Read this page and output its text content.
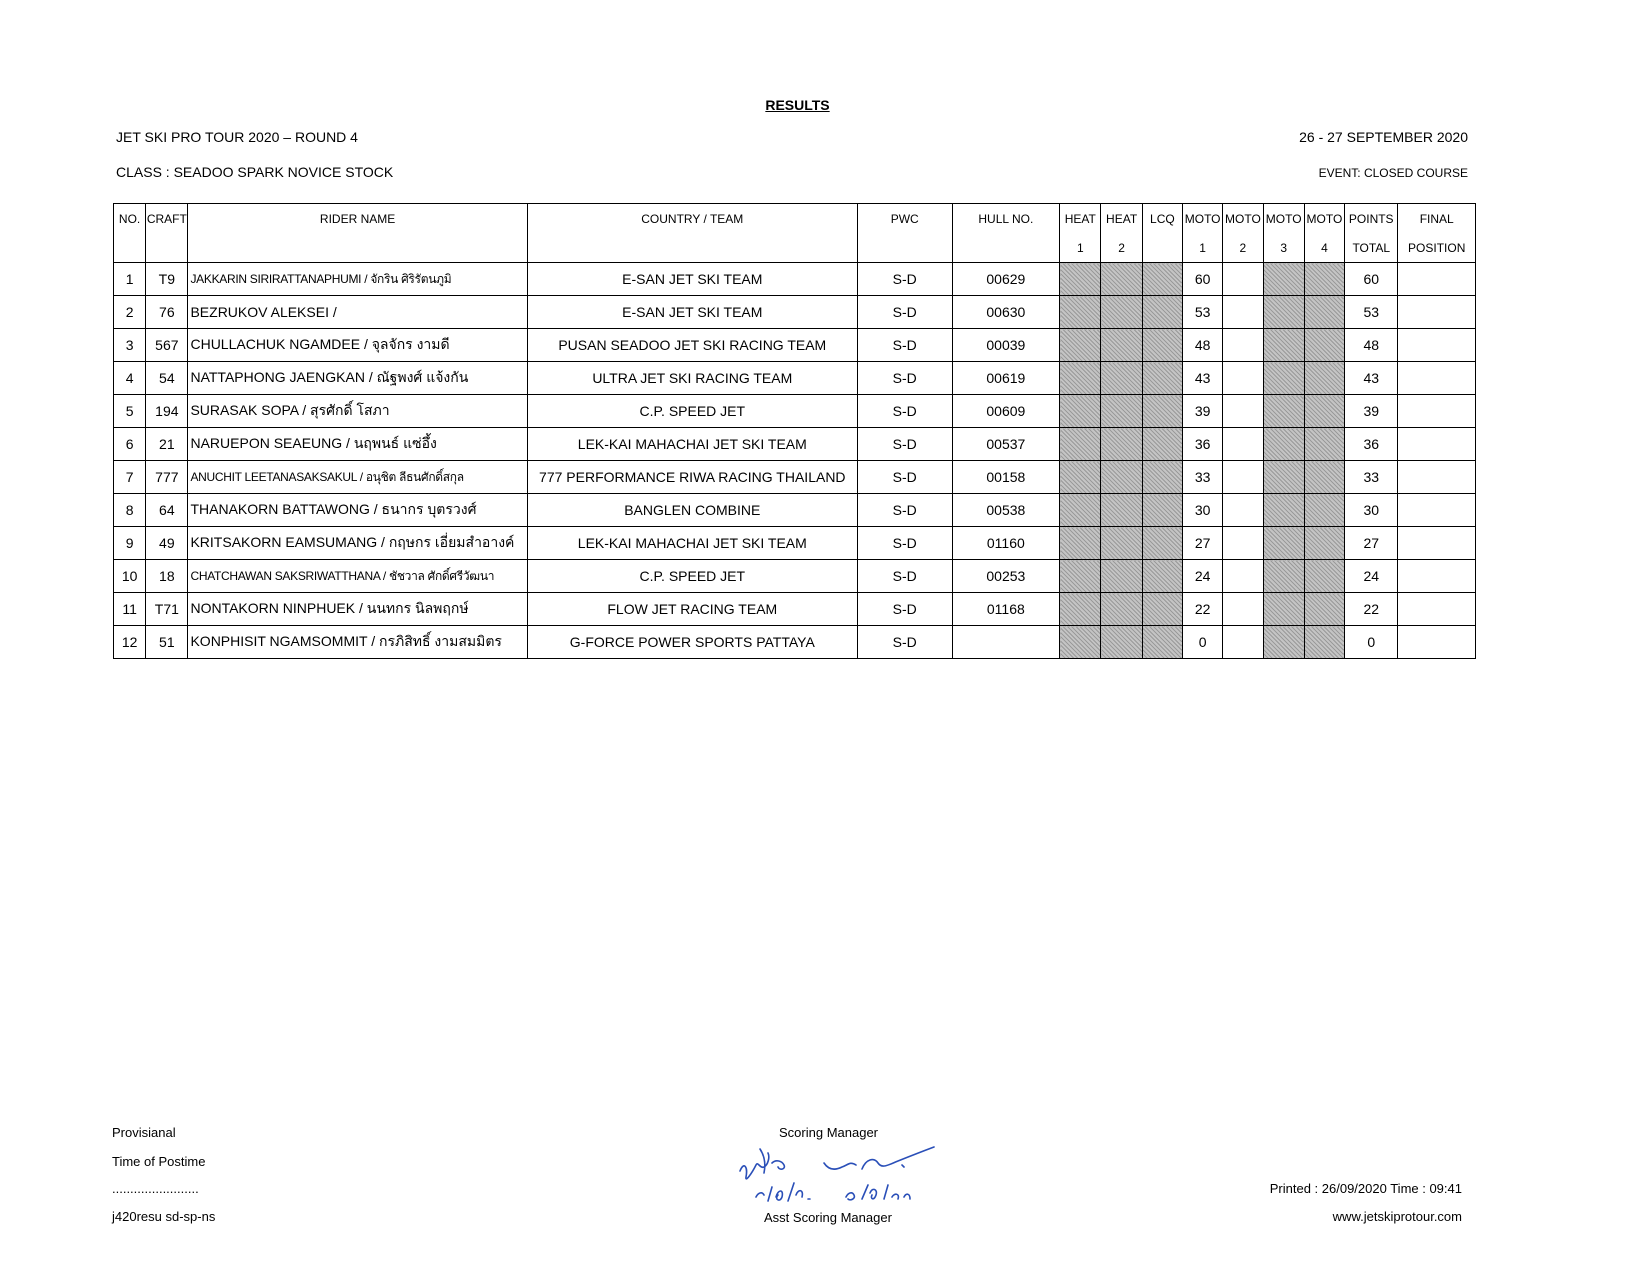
RESULTS
JET SKI PRO TOUR 2020 – ROUND 4	26 - 27 SEPTEMBER 2020
CLASS : SEADOO SPARK NOVICE STOCK	EVENT: CLOSED COURSE
NO.	CRAFT	RIDER NAME	COUNTRY / TEAM	PWC	HULL NO.	HEAT	HEAT	LCQ	MOTO	MOTO	MOTO	MOTO	POINTS	FINAL
						1	2		1	2	3	4	TOTAL	POSITION
1	T9	JAKKARIN SIRIRATTANAPHUMI / จักริน ศิริรัตนภูมิ	E-SAN JET SKI TEAM	S-D	00629				60				60	
2	76	BEZRUKOV ALEKSEI /	E-SAN JET SKI TEAM	S-D	00630				53				53	
3	567	CHULLACHUK NGAMDEE / จุลจักร งามดี	PUSAN SEADOO JET SKI RACING TEAM	S-D	00039				48				48	
4	54	NATTAPHONG JAENGKAN / ณัฐพงศ์ แจ้งกัน	ULTRA JET SKI RACING TEAM	S-D	00619				43				43	
5	194	SURASAK SOPA / สุรศักดิ์ โสภา	C.P. SPEED JET	S-D	00609				39				39	
6	21	NARUEPON SEAEUNG / นฤพนธ์ แซ่อึ้ง	LEK-KAI MAHACHAI JET SKI TEAM	S-D	00537				36				36	
7	777	ANUCHIT LEETANASAKSAKUL / อนุชิต ลีธนศักดิ์สกุล	777 PERFORMANCE RIWA RACING THAILAND	S-D	00158				33				33	
8	64	THANAKORN BATTAWONG / ธนากร บุตรวงศ์	BANGLEN COMBINE	S-D	00538				30				30	
9	49	KRITSAKORN EAMSUMANG / กฤษกร เอี่ยมสำอางค์	LEK-KAI MAHACHAI JET SKI TEAM	S-D	01160				27				27	
10	18	CHATCHAWAN SAKSRIWATTHANA / ชัชวาล ศักดิ์ศรีวัฒนา	C.P. SPEED JET	S-D	00253				24				24	
11	T71	NONTAKORN NINPHUEK / นนทกร นิลพฤกษ์	FLOW JET RACING TEAM	S-D	01168				22				22	
12	51	KONPHISIT NGAMSOMMIT / กรภิสิทธิ์ งามสมมิตร	G-FORCE POWER SPORTS PATTAYA	S-D					0				0	
Provisianal
Time of Postime
........................
j420resu sd-sp-ns
Scoring Manager
Asst Scoring Manager
Printed : 26/09/2020 Time : 09:41
www.jetskiprotour.com
